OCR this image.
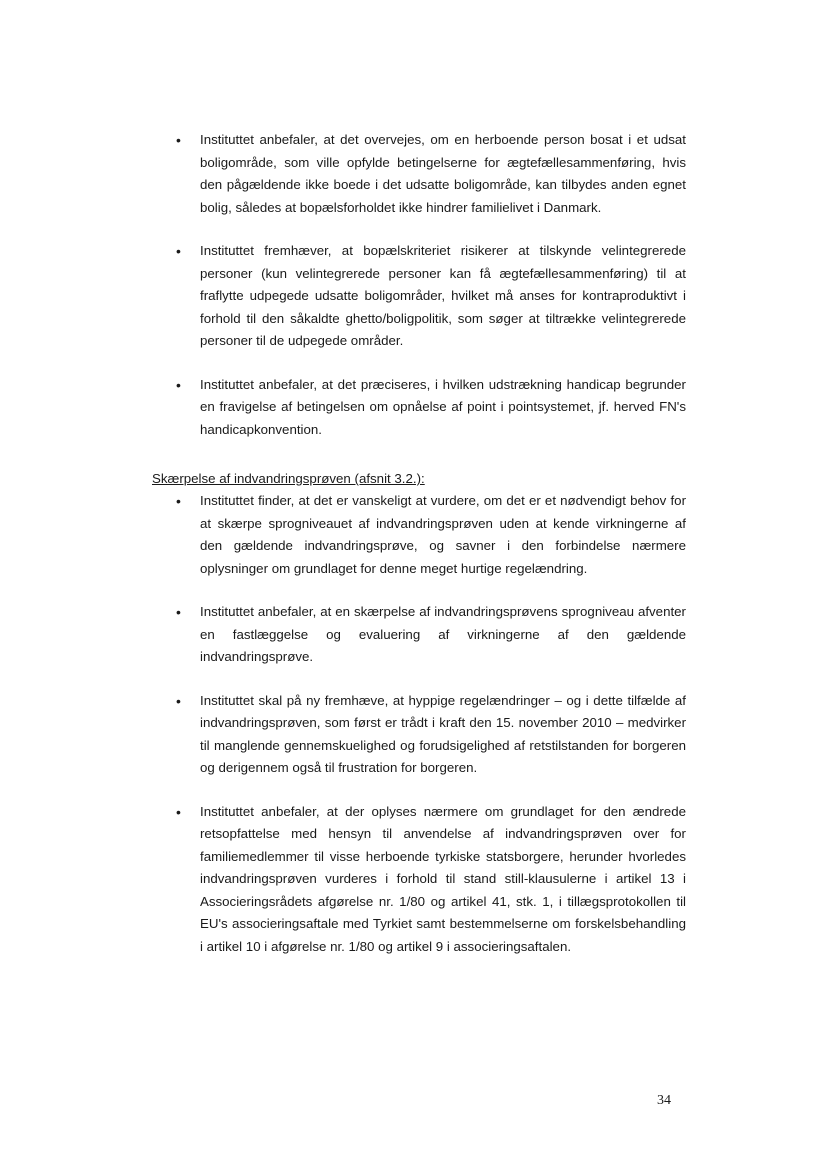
• Instituttet anbefaler, at det overvejes, om en herboende person bosat i et udsat boligområde, som ville opfylde betingelserne for ægtefællesammenføring, hvis den pågældende ikke boede i det udsatte boligområde, kan tilbydes anden egnet bolig, således at bopælsforholdet ikke hindrer familielivet i Danmark.
• Instituttet fremhæver, at bopælskriteriet risikerer at tilskynde velintegrerede personer (kun velintegrerede personer kan få ægtefællesammenføring) til at fraflytte udpegede udsatte boligområder, hvilket må anses for kontraproduktivt i forhold til den såkaldte ghetto/boligpolitik, som søger at tiltrække velintegrerede personer til de udpegede områder.
• Instituttet anbefaler, at det præciseres, i hvilken udstrækning handicap begrunder en fravigelse af betingelsen om opnåelse af point i pointsystemet, jf. herved FN's handicapkonvention.
Skærpelse af indvandringsprøven (afsnit 3.2.):
• Instituttet finder, at det er vanskeligt at vurdere, om det er et nødvendigt behov for at skærpe sprogniveauet af indvandringsprøven uden at kende virkningerne af den gældende indvandringsprøve, og savner i den forbindelse nærmere oplysninger om grundlaget for denne meget hurtige regelændring.
• Instituttet anbefaler, at en skærpelse af indvandringsprøvens sprogniveau afventer en fastlæggelse og evaluering af virkningerne af den gældende indvandringsprøve.
• Instituttet skal på ny fremhæve, at hyppige regelændringer – og i dette tilfælde af indvandringsprøven, som først er trådt i kraft den 15. november 2010 – medvirker til manglende gennemskuelighed og forudsigelighed af retstilstanden for borgeren og derigennem også til frustration for borgeren.
• Instituttet anbefaler, at der oplyses nærmere om grundlaget for den ændrede retsopfattelse med hensyn til anvendelse af indvandringsprøven over for familiemedlemmer til visse herboende tyrkiske statsborgere, herunder hvorledes indvandringsprøven vurderes i forhold til stand still-klausulerne i artikel 13 i Associeringsrådets afgørelse nr. 1/80 og artikel 41, stk. 1, i tillægsprotokollen til EU's associeringsaftale med Tyrkiet samt bestemmelserne om forskelsbehandling i artikel 10 i afgørelse nr. 1/80 og artikel 9 i associeringsaftalen.
34
